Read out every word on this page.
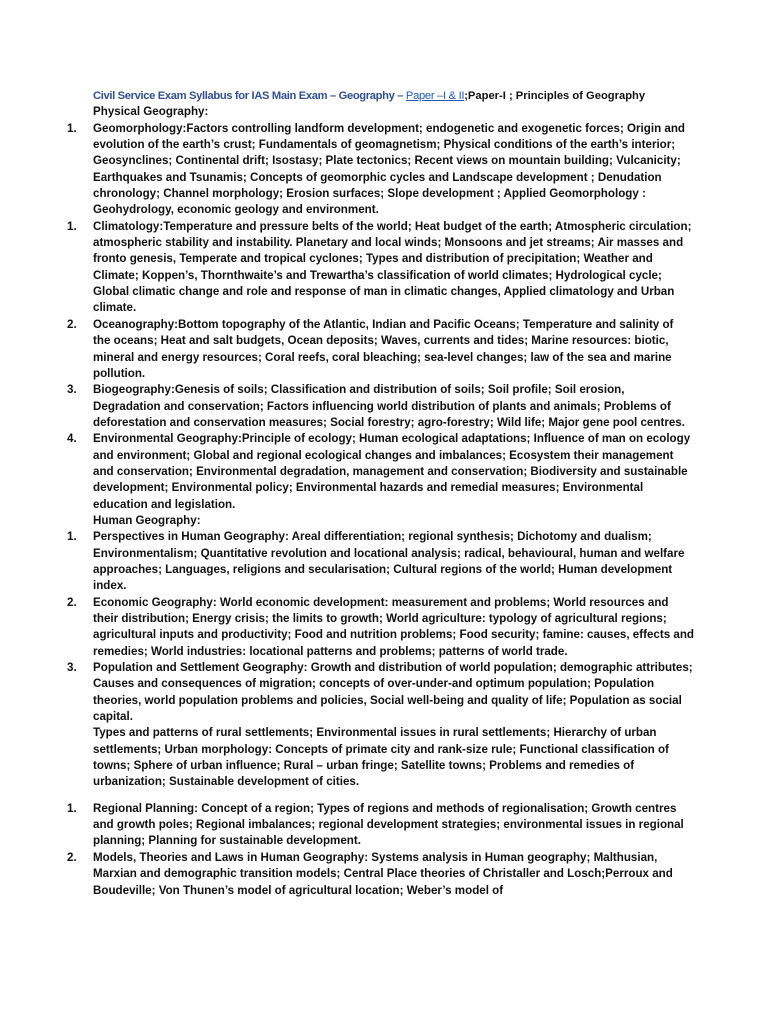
Civil Service Exam Syllabus for IAS Main Exam – Geography – Paper –I & II;Paper-I ; Principles of Geography
Physical Geography:
1. Geomorphology:Factors controlling landform development; endogenetic and exogenetic forces; Origin and evolution of the earth’s crust; Fundamentals of geomagnetism; Physical conditions of the earth’s interior; Geosynclines; Continental drift; Isostasy; Plate tectonics; Recent views on mountain building; Vulcanicity; Earthquakes and Tsunamis; Concepts of geomorphic cycles and Landscape development ; Denudation chronology; Channel morphology; Erosion surfaces; Slope development ; Applied Geomorphology : Geohydrology, economic geology and environment.
1. Climatology:Temperature and pressure belts of the world; Heat budget of the earth; Atmospheric circulation; atmospheric stability and instability. Planetary and local winds; Monsoons and jet streams; Air masses and fronto genesis, Temperate and tropical cyclones; Types and distribution of precipitation; Weather and Climate; Koppen’s, Thornthwaite’s and Trewartha’s classification of world climates; Hydrological cycle; Global climatic change and role and response of man in climatic changes, Applied climatology and Urban climate.
2. Oceanography:Bottom topography of the Atlantic, Indian and Pacific Oceans; Temperature and salinity of the oceans; Heat and salt budgets, Ocean deposits; Waves, currents and tides; Marine resources: biotic, mineral and energy resources; Coral reefs, coral bleaching; sea-level changes; law of the sea and marine pollution.
3. Biogeography:Genesis of soils; Classification and distribution of soils; Soil profile; Soil erosion, Degradation and conservation; Factors influencing world distribution of plants and animals; Problems of deforestation and conservation measures; Social forestry; agro-forestry; Wild life; Major gene pool centres.
4. Environmental Geography:Principle of ecology; Human ecological adaptations; Influence of man on ecology and environment; Global and regional ecological changes and imbalances; Ecosystem their management and conservation; Environmental degradation, management and conservation; Biodiversity and sustainable development; Environmental policy; Environmental hazards and remedial measures; Environmental education and legislation.
Human Geography:
1. Perspectives in Human Geography: Areal differentiation; regional synthesis; Dichotomy and dualism; Environmentalism; Quantitative revolution and locational analysis; radical, behavioural, human and welfare approaches; Languages, religions and secularisation; Cultural regions of the world; Human development index.
2. Economic Geography: World economic development: measurement and problems; World resources and their distribution; Energy crisis; the limits to growth; World agriculture: typology of agricultural regions; agricultural inputs and productivity; Food and nutrition problems; Food security; famine: causes, effects and remedies; World industries: locational patterns and problems; patterns of world trade.
3. Population and Settlement Geography: Growth and distribution of world population; demographic attributes; Causes and consequences of migration; concepts of over-under-and optimum population; Population theories, world population problems and policies, Social well-being and quality of life; Population as social capital.
Types and patterns of rural settlements; Environmental issues in rural settlements; Hierarchy of urban settlements; Urban morphology: Concepts of primate city and rank-size rule; Functional classification of towns; Sphere of urban influence; Rural – urban fringe; Satellite towns; Problems and remedies of urbanization; Sustainable development of cities.
1. Regional Planning: Concept of a region; Types of regions and methods of regionalisation; Growth centres and growth poles; Regional imbalances; regional development strategies; environmental issues in regional planning; Planning for sustainable development.
2. Models, Theories and Laws in Human Geography: Systems analysis in Human geography; Malthusian, Marxian and demographic transition models; Central Place theories of Christaller and Losch;Perroux and Boudeville; Von Thunen’s model of agricultural location; Weber’s model of
